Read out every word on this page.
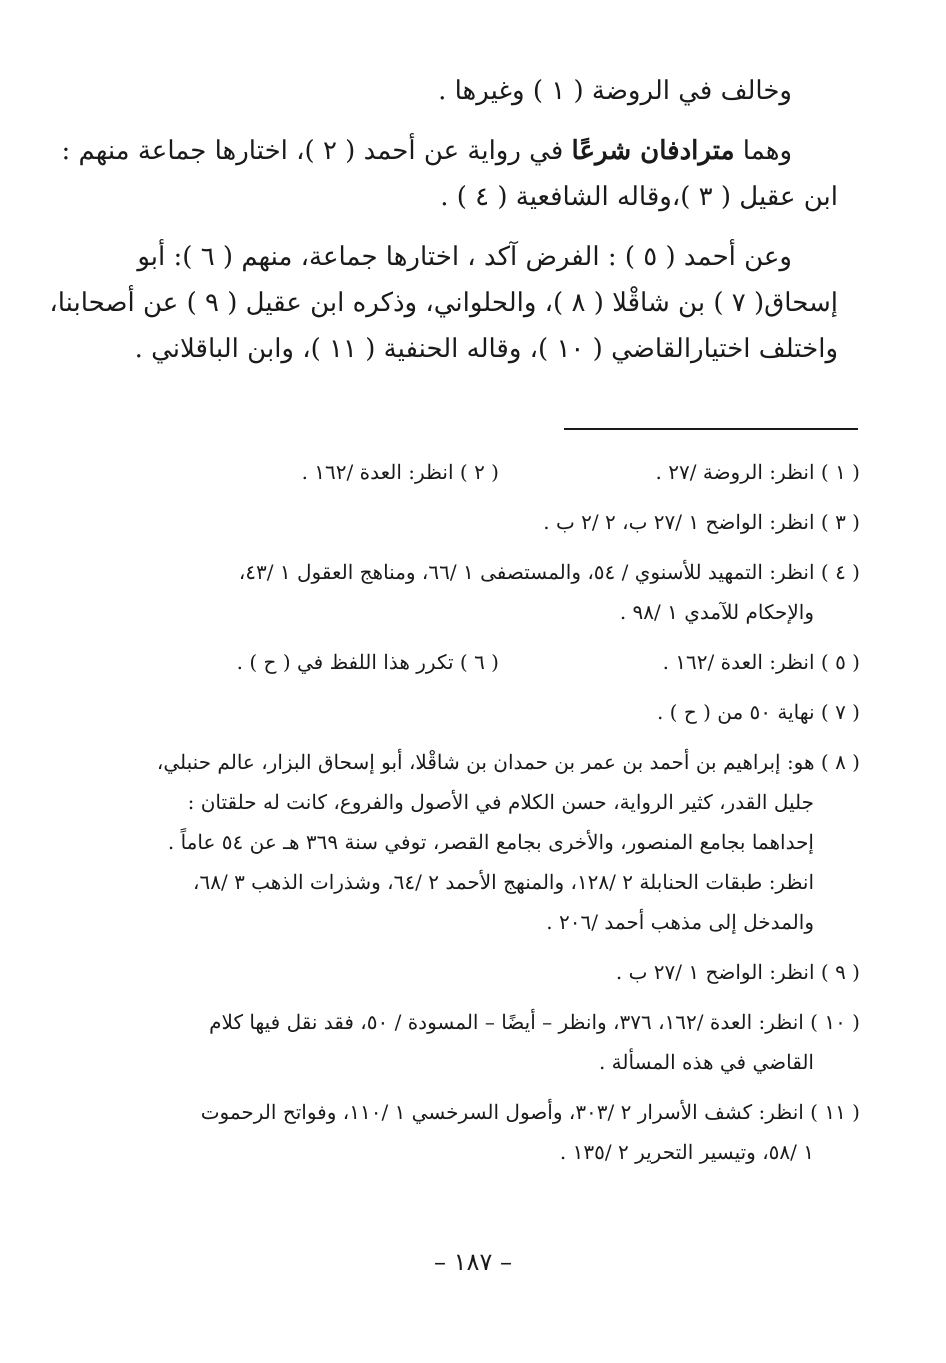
وخالف في الروضة ( ١ ) وغيرها .
وهما مترادفان شرعًا في رواية عن أحمد ( ٢ )، اختارها جماعة منهم :
ابن عقيل ( ٣ )،وقاله الشافعية ( ٤ ) .
وعن أحمد ( ٥ ) : الفرض آكد ، اختارها جماعة، منهم ( ٦ ): أبو
إسحاق( ٧ ) بن شاقْلا ( ٨ )، والحلواني، وذكره ابن عقيل ( ٩ ) عن أصحابنا،
واختلف اختيارالقاضي ( ١٠ )، وقاله الحنفية ( ١١ )، وابن الباقلاني .
( ١ ) انظر: الروضة /٢٧ .
( ٢ ) انظر: العدة /١٦٢ .
( ٣ ) انظر: الواضح ١ /٢٧ ب، ٢ /٢ ب .
( ٤ ) انظر: التمهيد للأسنوي / ٥٤، والمستصفى ١ /٦٦، ومناهج العقول ١ /٤٣،
والإحكام للآمدي ١ /٩٨ .
( ٥ ) انظر: العدة /١٦٢ .
( ٦ ) تكرر هذا اللفظ في ( ح ) .
( ٧ ) نهاية ٥٠ من ( ح ) .
( ٨ ) هو: إبراهيم بن أحمد بن عمر بن حمدان بن شاقْلا، أبو إسحاق البزار، عالم حنبلي،
جليل القدر، كثير الرواية، حسن الكلام في الأصول والفروع، كانت له حلقتان :
إحداهما بجامع المنصور، والأخرى بجامع القصر، توفي سنة ٣٦٩ هـ عن ٥٤ عاماً .
انظر: طبقات الحنابلة ٢ /١٢٨، والمنهج الأحمد ٢ /٦٤، وشذرات الذهب ٣ /٦٨،
والمدخل إلى مذهب أحمد /٢٠٦ .
( ٩ ) انظر: الواضح ١ /٢٧ ب .
( ١٠ ) انظر: العدة /١٦٢، ٣٧٦، وانظر – أيضًا – المسودة / ٥٠، فقد نقل فيها كلام
القاضي في هذه المسألة .
( ١١ ) انظر: كشف الأسرار ٢ /٣٠٣، وأصول السرخسي ١ /١١٠، وفواتح الرحموت
١ /٥٨، وتيسير التحرير ٢ /١٣٥ .
– ١٨٧ –
